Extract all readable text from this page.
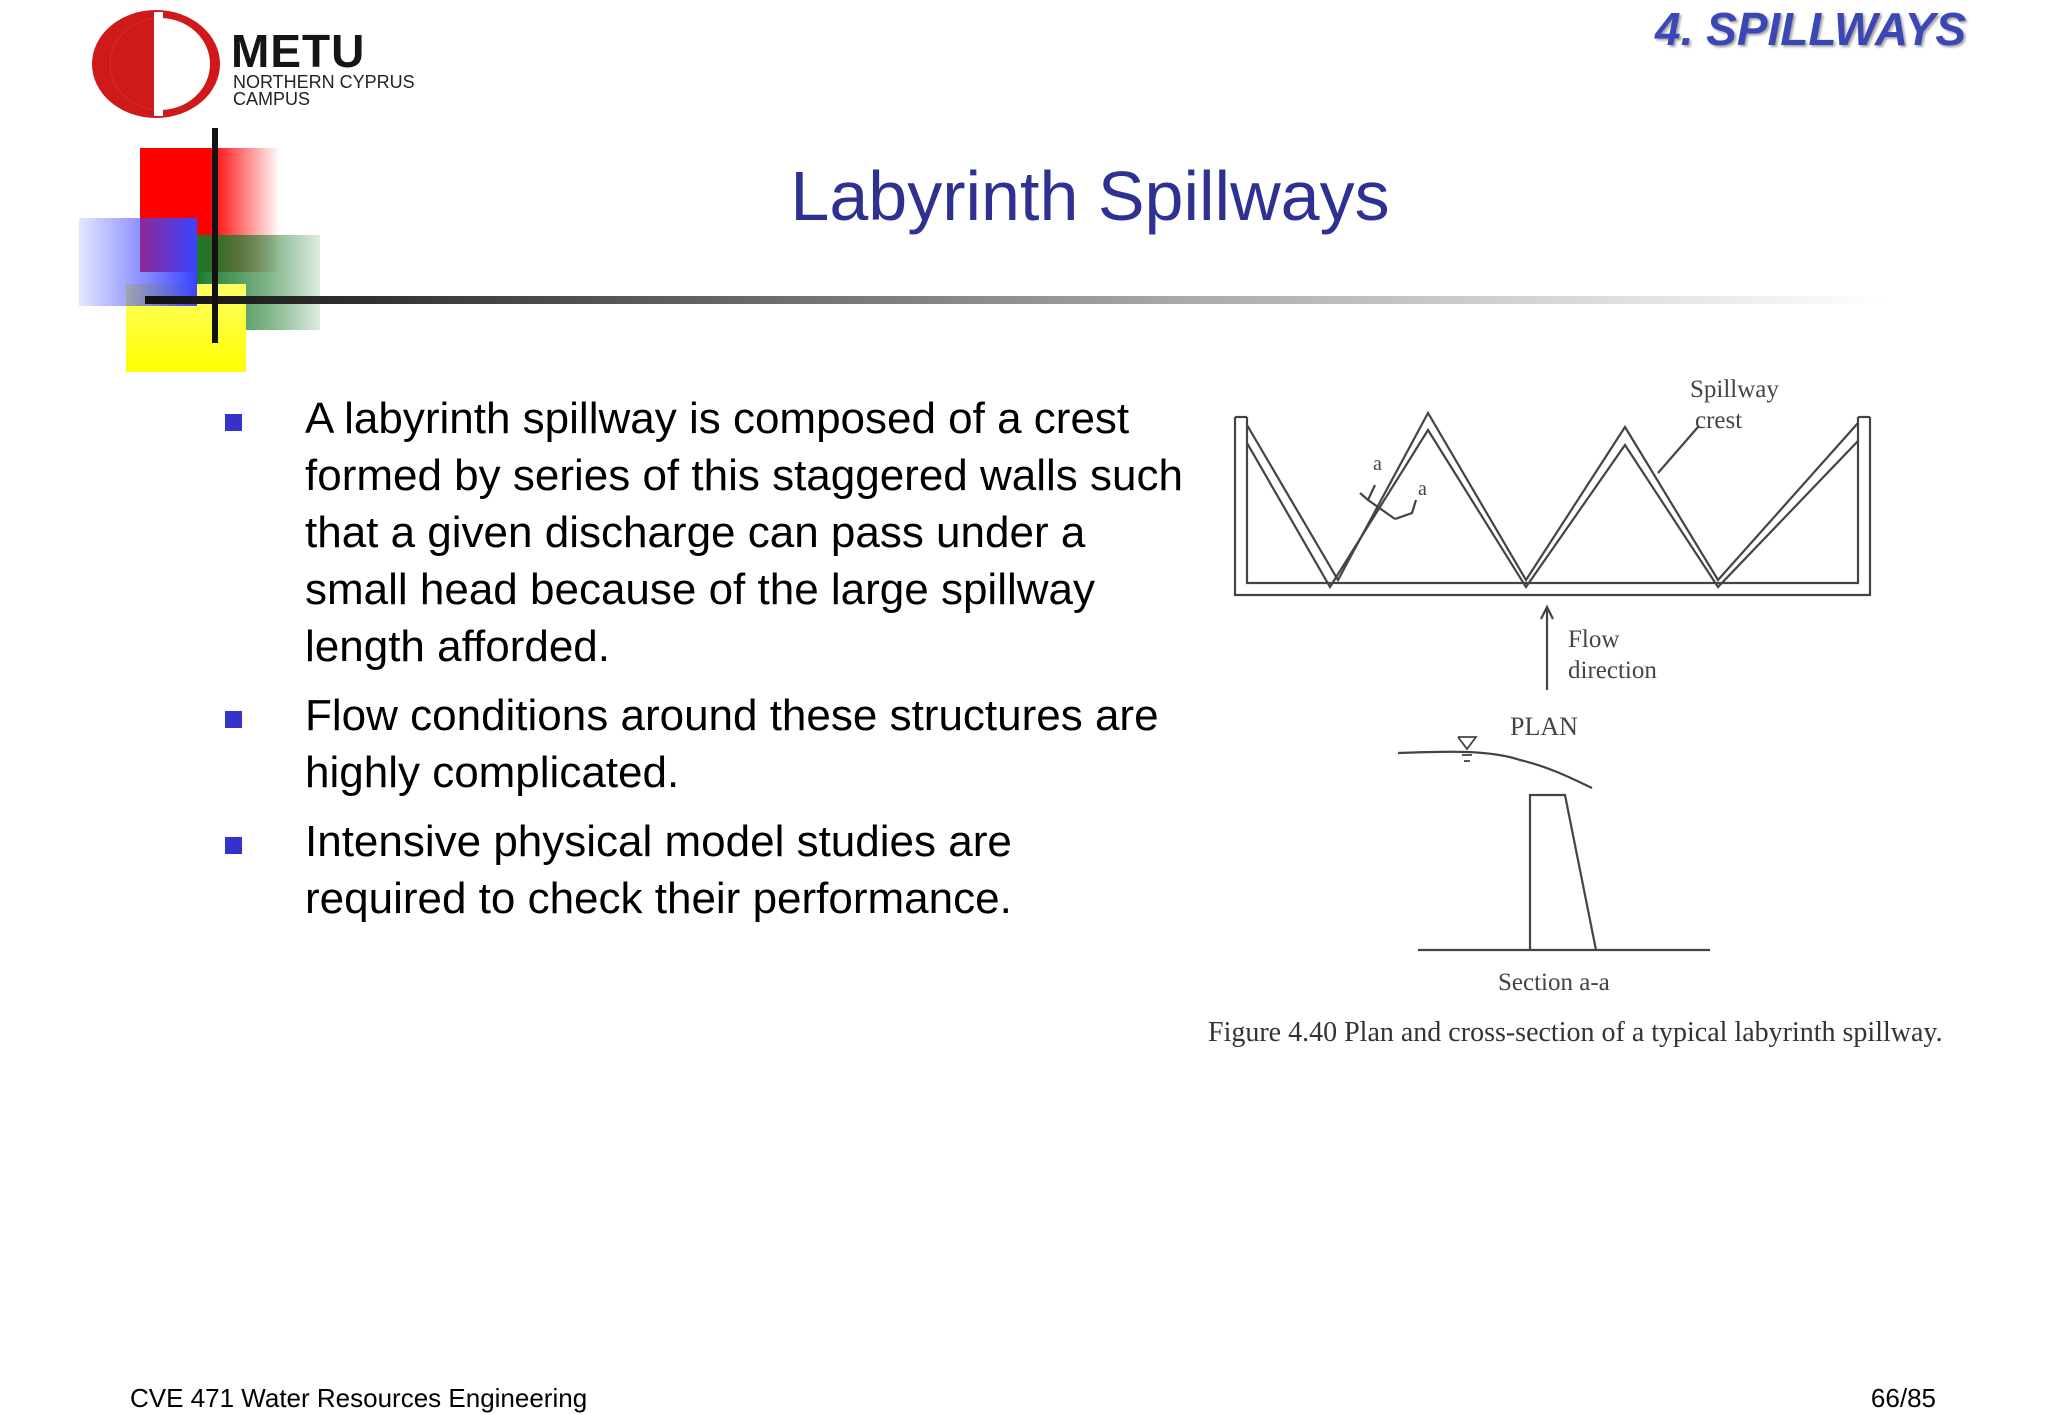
METU
NORTHERN CYPRUS
CAMPUS
4. SPILLWAYS
Labyrinth Spillways
A labyrinth spillway is composed of a crest formed by series of this staggered walls such that a given discharge can pass under a small head because of the large spillway length afforded.
Flow conditions around these structures are highly complicated.
Intensive physical model studies are required to check their performance.
Spillway
crest
a
a
Flow
direction
PLAN
Section a-a
Figure 4.40 Plan and cross-section of a typical labyrinth spillway.
CVE 471 Water Resources Engineering	66/85
